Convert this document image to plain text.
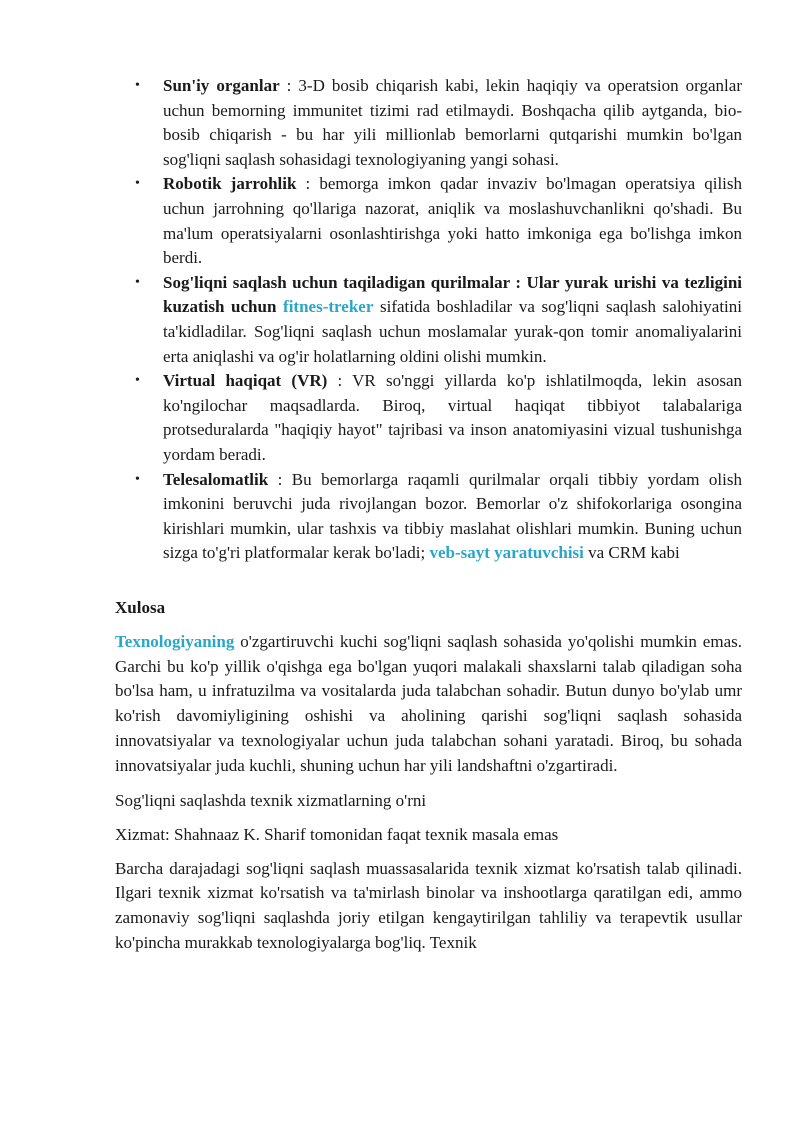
• Sun'iy organlar : 3-D bosib chiqarish kabi, lekin haqiqiy va operatsion organlar uchun bemorning immunitet tizimi rad etilmaydi. Boshqacha qilib aytganda, bio-bosib chiqarish - bu har yili millionlab bemorlarni qutqarishi mumkin bo'lgan sog'liqni saqlash sohasidagi texnologiyaning yangi sohasi.
• Robotik jarrohlik : bemorga imkon qadar invaziv bo'lmagan operatsiya qilish uchun jarrohning qo'llariga nazorat, aniqlik va moslashuvchanlikni qo'shadi. Bu ma'lum operatsiyalarni osonlashtirishga yoki hatto imkoniga ega bo'lishga imkon berdi.
• Sog'liqni saqlash uchun taqiladigan qurilmalar : Ular yurak urishi va tezligini kuzatish uchun fitnes-treker sifatida boshladilar va sog'liqni saqlash salohiyatini ta'kidladilar. Sog'liqni saqlash uchun moslamalar yurak-qon tomir anomaliyalarini erta aniqlashi va og'ir holatlarning oldini olishi mumkin.
• Virtual haqiqat (VR) : VR so'nggi yillarda ko'p ishlatilmoqda, lekin asosan ko'ngilochar maqsadlarda. Biroq, virtual haqiqat tibbiyot talabalariga protseduralarda "haqiqiy hayot" tajribasi va inson anatomiyasini vizual tushunishga yordam beradi.
• Telesalomatlik : Bu bemorlarga raqamli qurilmalar orqali tibbiy yordam olish imkonini beruvchi juda rivojlangan bozor. Bemorlar o'z shifokorlariga osongina kirishlari mumkin, ular tashxis va tibbiy maslahat olishlari mumkin. Buning uchun sizga to'g'ri platformalar kerak bo'ladi; veb-sayt yaratuvchisi va CRM kabi
Xulosa

Texnologiyaning o'zgartiruvchi kuchi sog'liqni saqlash sohasida yo'qolishi mumkin emas. Garchi bu ko'p yillik o'qishga ega bo'lgan yuqori malakali shaxslarni talab qiladigan soha bo'lsa ham, u infratuzilma va vositalarda juda talabchan sohadir. Butun dunyo bo'ylab umr ko'rish davomiyligining oshishi va aholining qarishi sog'liqni saqlash sohasida innovatsiyalar va texnologiyalar uchun juda talabchan sohani yaratadi. Biroq, bu sohada innovatsiyalar juda kuchli, shuning uchun har yili landshaftni o'zgartiradi.

Sog'liqni saqlashda texnik xizmatlarning o'rni

Xizmat: Shahnaaz K. Sharif tomonidan faqat texnik masala emas

Barcha darajadagi sog'liqni saqlash muassasalarida texnik xizmat ko'rsatish talab qilinadi. Ilgari texnik xizmat ko'rsatish va ta'mirlash binolar va inshootlarga qaratilgan edi, ammo zamonaviy sog'liqni saqlashda joriy etilgan kengaytirilgan tahliliy va terapevtik usullar ko'pincha murakkab texnologiyalarga bog'liq. Texnik
